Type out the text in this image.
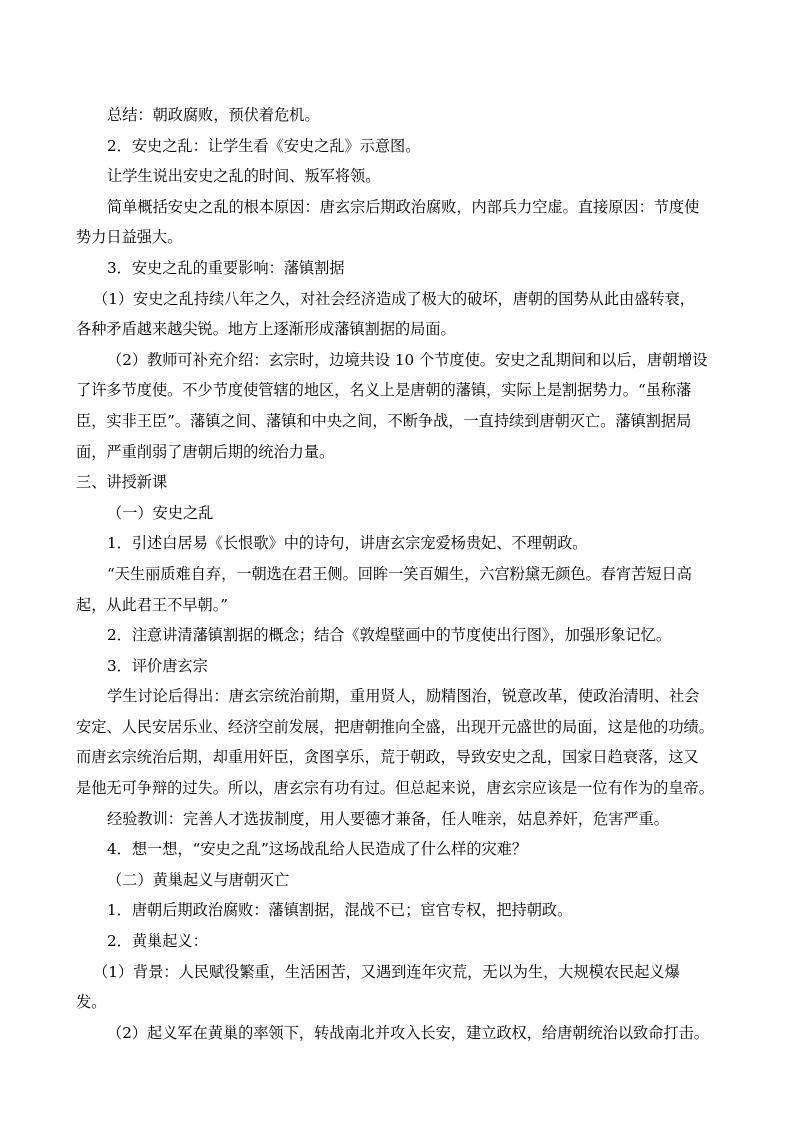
总结：朝政腐败，预伏着危机。
2．安史之乱：让学生看《安史之乱》示意图。
让学生说出安史之乱的时间、叛军将领。
简单概括安史之乱的根本原因：唐玄宗后期政治腐败，内部兵力空虚。直接原因：节度使
势力日益强大。
3．安史之乱的重要影响：藩镇割据
（1）安史之乱持续八年之久，对社会经济造成了极大的破坏，唐朝的国势从此由盛转衰，
各种矛盾越来越尖锐。地方上逐渐形成藩镇割据的局面。
（2）教师可补充介绍：玄宗时，边境共设 10 个节度使。安史之乱期间和以后，唐朝增设
了许多节度使。不少节度使管辖的地区，名义上是唐朝的藩镇，实际上是割据势力。“虽称藩
臣，实非王臣”。藩镇之间、藩镇和中央之间，不断争战，一直持续到唐朝灭亡。藩镇割据局
面，严重削弱了唐朝后期的统治力量。
三、讲授新课
（一）安史之乱
1．引述白居易《长恨歌》中的诗句，讲唐玄宗宠爱杨贵妃、不理朝政。
“天生丽质难自弃，一朝选在君王侧。回眸一笑百媚生，六宫粉黛无颜色。春宵苦短日高
起，从此君王不早朝。”
2．注意讲清藩镇割据的概念；结合《敦煌壁画中的节度使出行图》，加强形象记忆。
3．评价唐玄宗
学生讨论后得出：唐玄宗统治前期，重用贤人，励精图治，锐意改革，使政治清明、社会
安定、人民安居乐业、经济空前发展，把唐朝推向全盛，出现开元盛世的局面，这是他的功绩。
而唐玄宗统治后期，却重用奸臣，贪图享乐，荒于朝政，导致安史之乱，国家日趋衰落，这又
是他无可争辩的过失。所以，唐玄宗有功有过。但总起来说，唐玄宗应该是一位有作为的皇帝。
经验教训：完善人才选拔制度，用人要德才兼备，任人唯亲，姑息养奸，危害严重。
4．想一想，“安史之乱”这场战乱给人民造成了什么样的灾难？
（二）黄巢起义与唐朝灭亡
1．唐朝后期政治腐败：藩镇割据，混战不已；宦官专权，把持朝政。
2．黄巢起义：
（1）背景：人民赋役繁重，生活困苦，又遇到连年灾荒，无以为生，大规模农民起义爆
发。
（2）起义军在黄巢的率领下，转战南北并攻入长安，建立政权，给唐朝统治以致命打击。
